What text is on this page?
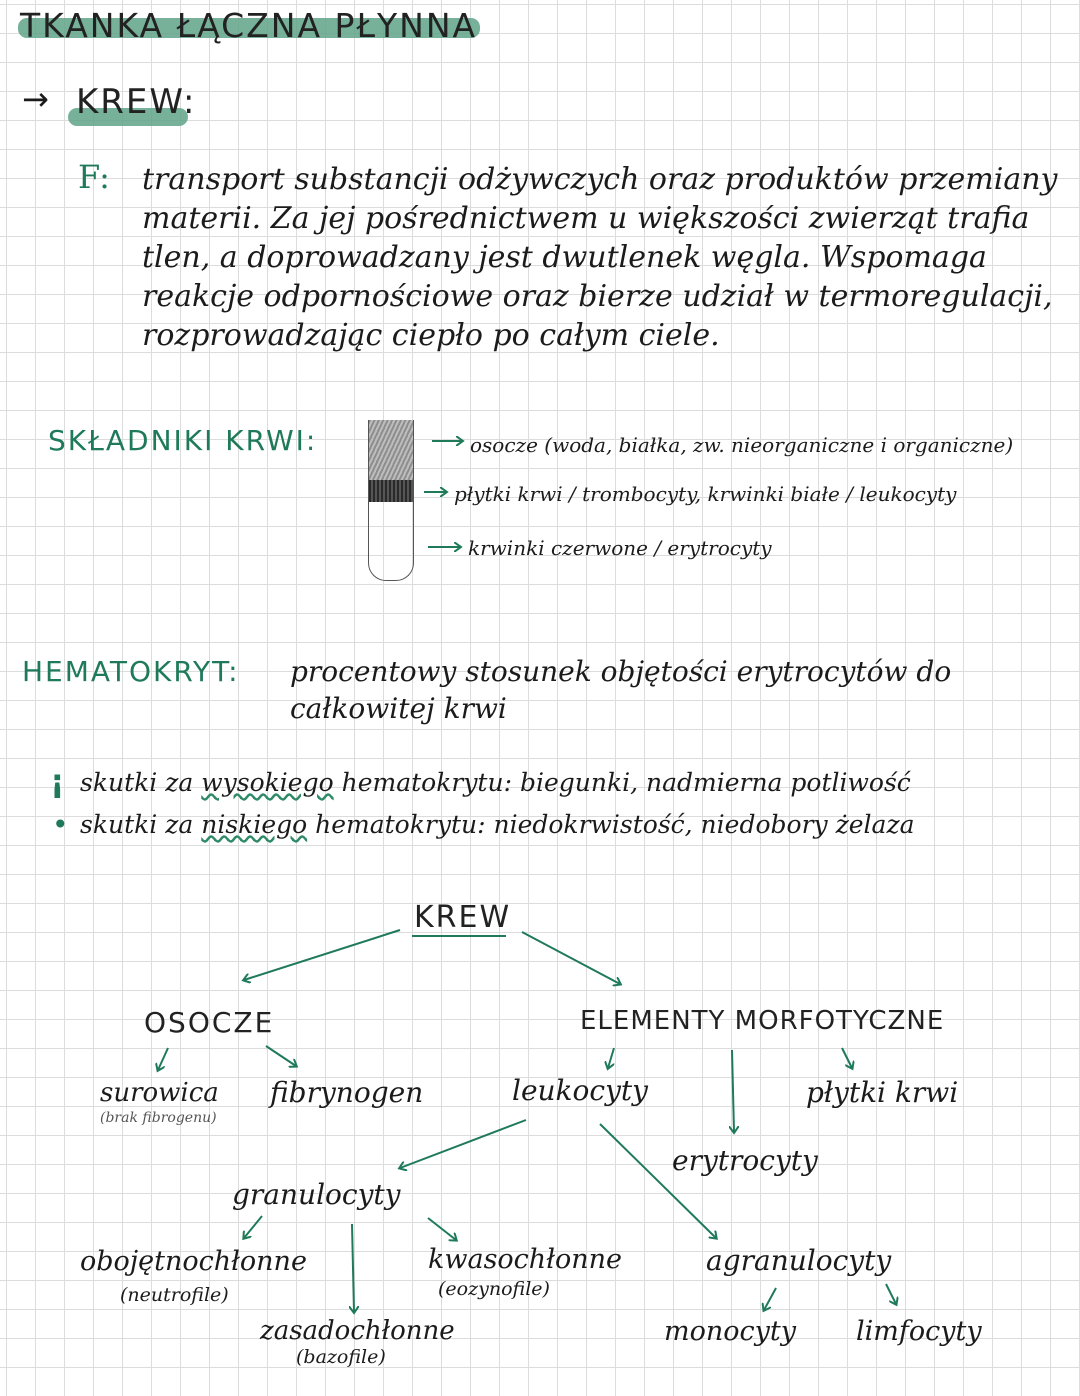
TKANKA ŁĄCZNA PŁYNNA
→ KREW:
F: transport substancji odżywczych oraz produktów przemiany
materii. Za jej pośrednictwem u większości zwierząt trafia
tlen, a doprowadzany jest dwutlenek węgla. Wspomaga
reakcje odpornościowe oraz bierze udział w termoregulacji,
rozprowadzając ciepło po całym ciele.
SKŁADNIKI KRWI:	osocze (woda, białka, zw. nieorganiczne i organiczne)
płytki krwi / trombocyty, krwinki białe / leukocyty
krwinki czerwone / erytrocyty
HEMATOKRYT: procentowy stosunek objętości erytrocytów do
całkowitej krwi
¡
•
skutki za wysokiego hematokrytu: biegunki, nadmierna potliwość
skutki za niskiego hematokrytu: niedokrwistość, niedobory żelaza
KREW
OSOCZE
surowica
(brak fibrogenu)
fibrynogen
ELEMENTY MORFOTYCZNE
leukocyty
erytrocyty
płytki krwi
granulocyty
obojętnochłonne
(neutrofile)
zasadochłonne
(bazofile)
kwasochłonne
(eozynofile)
agranulocyty
monocyty limfocyty
